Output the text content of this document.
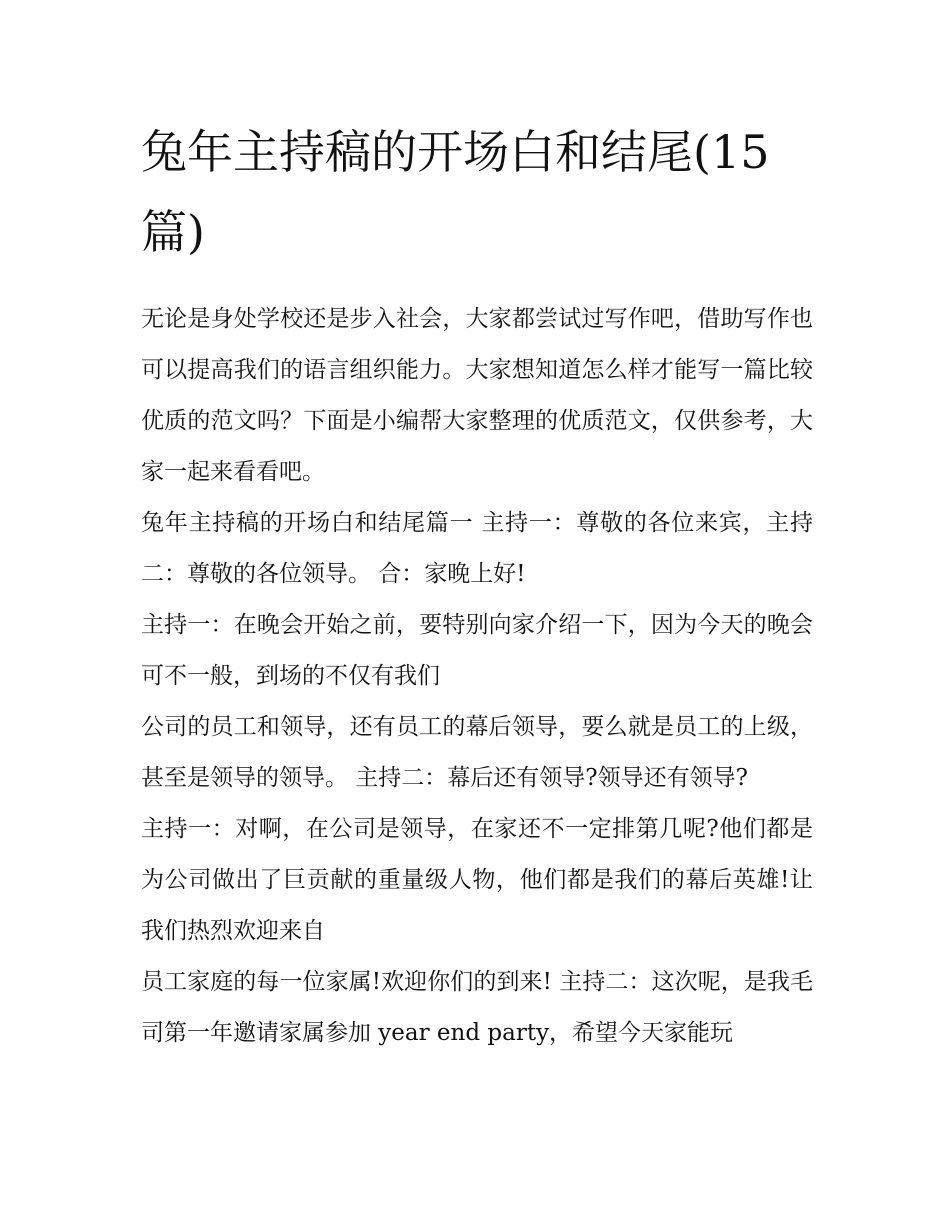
兔年主持稿的开场白和结尾(15篇)

无论是身处学校还是步入社会，大家都尝试过写作吧，借助写作也可以提高我们的语言组织能力。大家想知道怎么样才能写一篇比较优质的范文吗？下面是小编帮大家整理的优质范文，仅供参考，大家一起来看看吧。

兔年主持稿的开场白和结尾篇一 主持一：尊敬的各位来宾，主持二：尊敬的各位领导。 合：家晚上好!

主持一：在晚会开始之前，要特别向家介绍一下，因为今天的晚会可不一般，到场的不仅有我们

公司的员工和领导，还有员工的幕后领导，要么就是员工的上级，甚至是领导的领导。 主持二：幕后还有领导?领导还有领导?

主持一：对啊，在公司是领导，在家还不一定排第几呢?他们都是为公司做出了巨贡献的重量级人物，他们都是我们的幕后英雄!让我们热烈欢迎来自

员工家庭的每一位家属!欢迎你们的到来! 主持二：这次呢，是我毛司第一年邀请家属参加 year end party，希望今天家能玩
